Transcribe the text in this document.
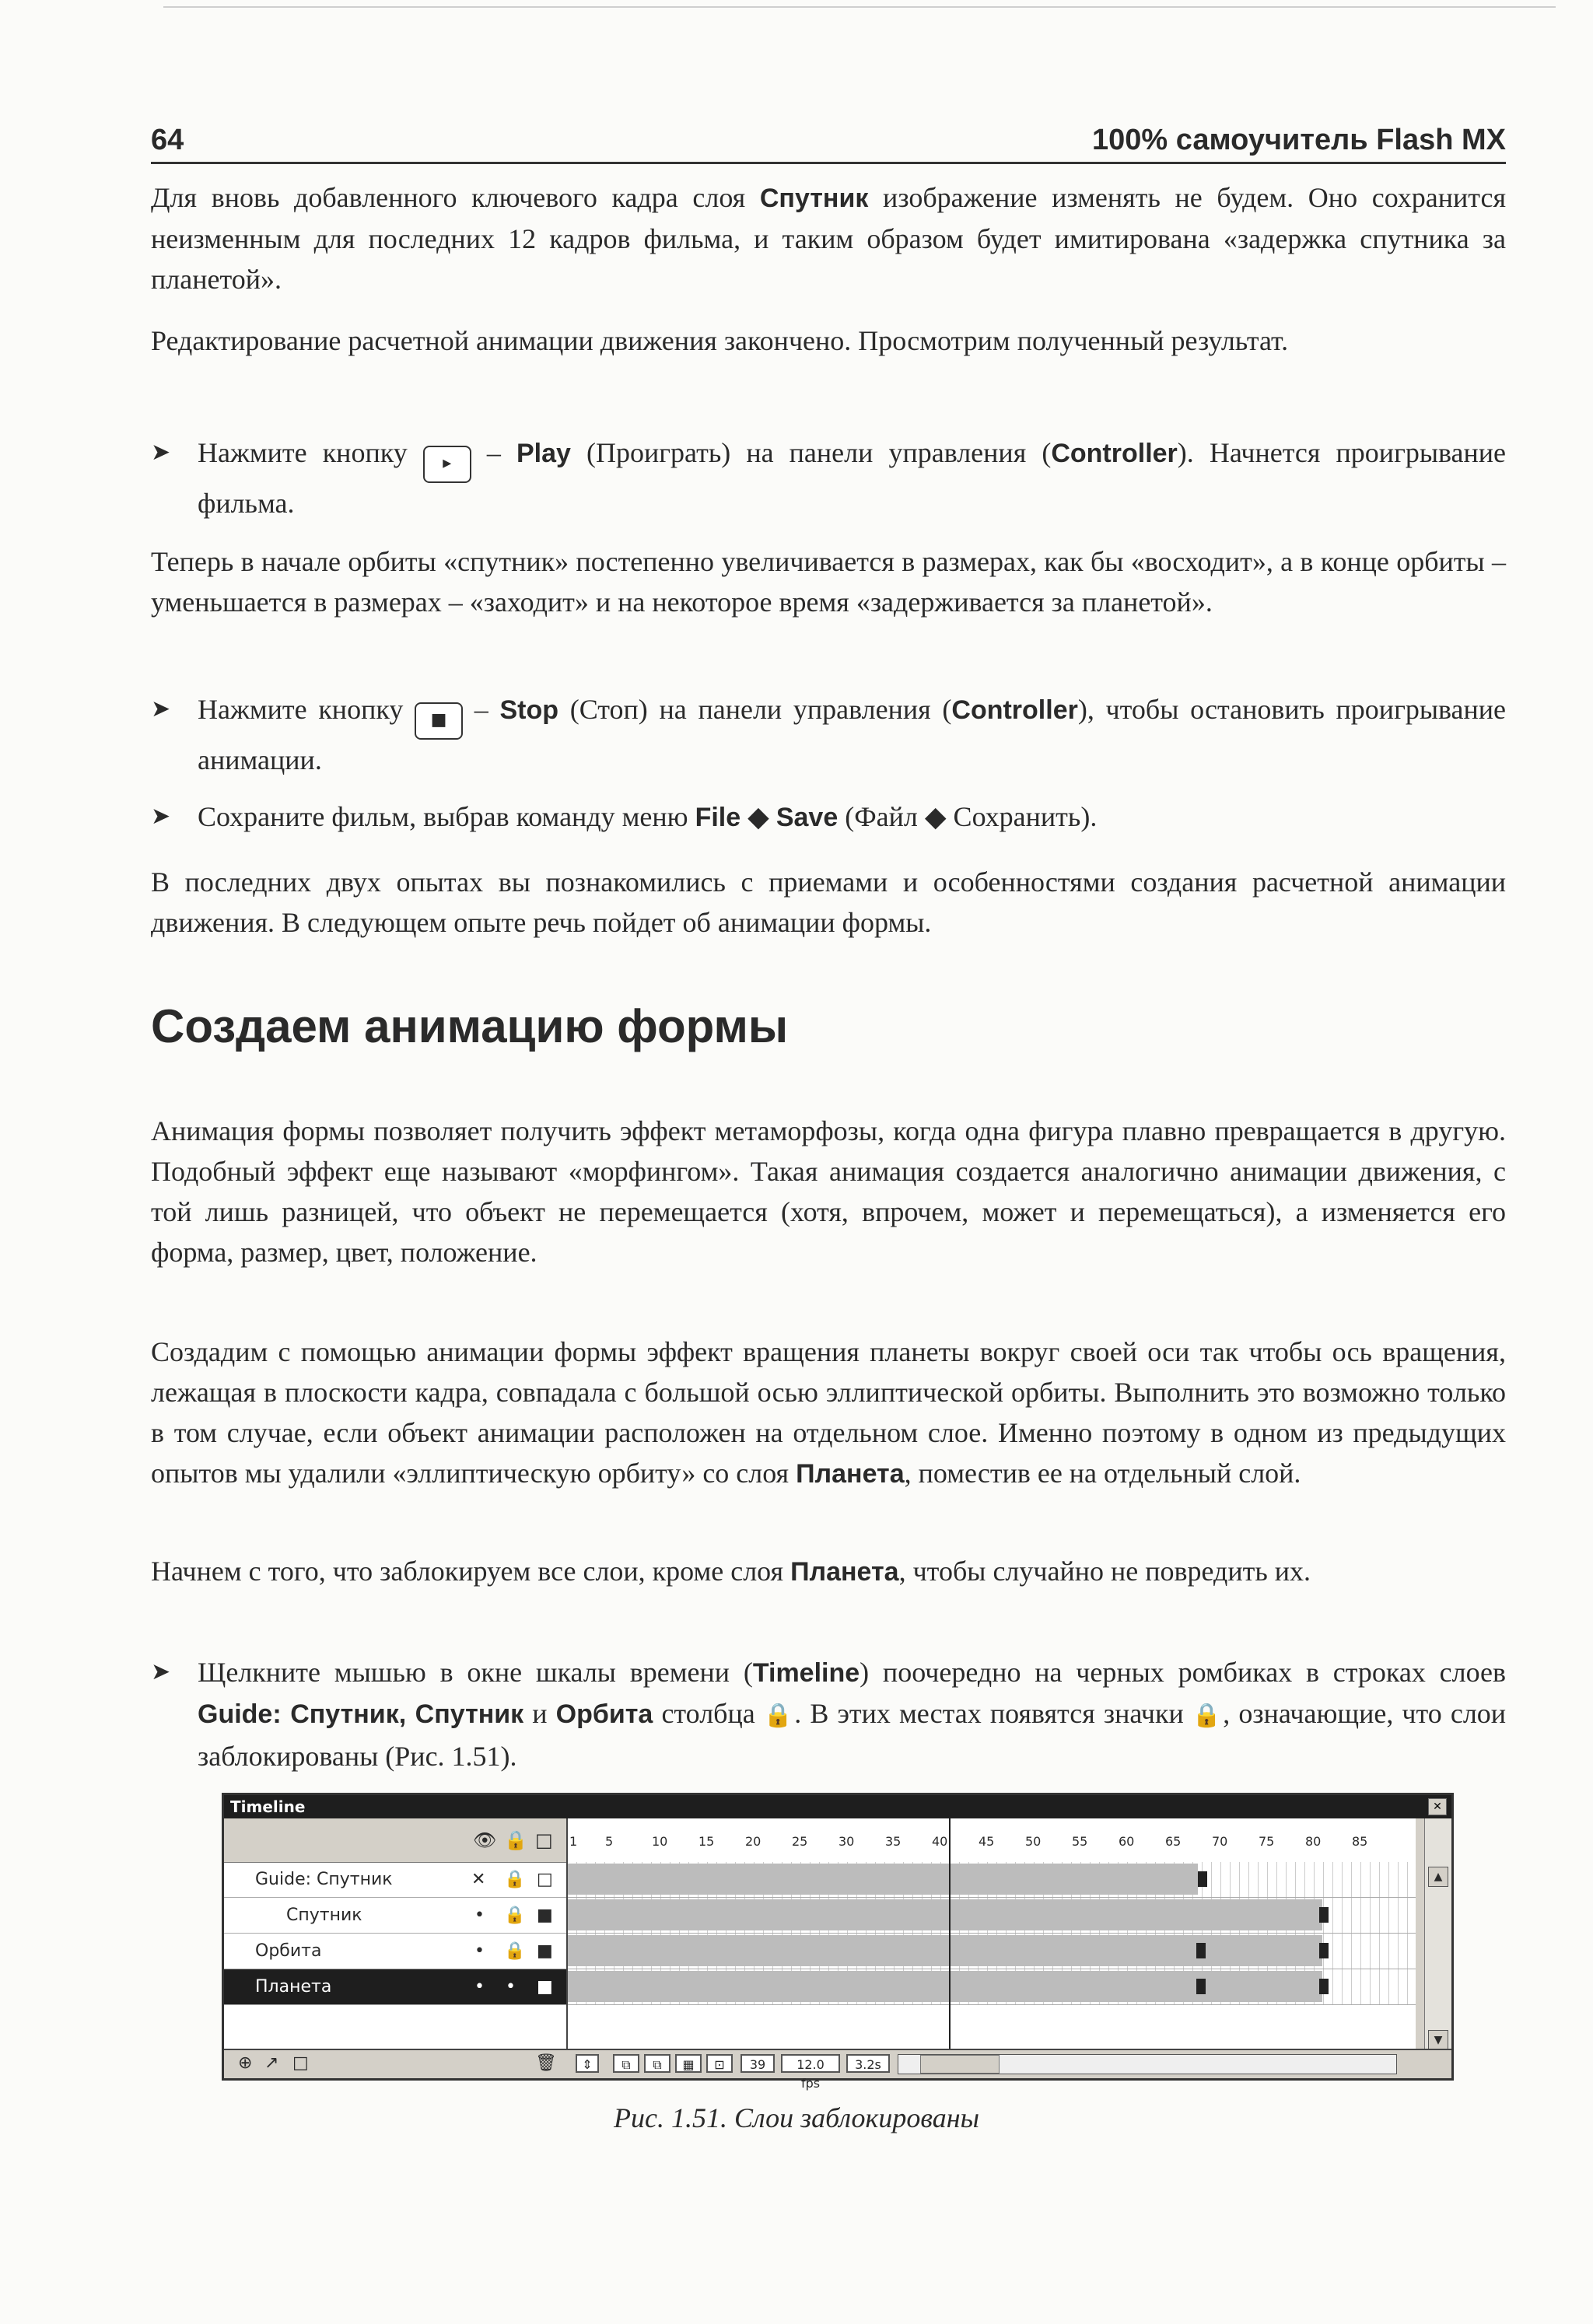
64	100% самоучитель Flash MX

Для вновь добавленного ключевого кадра слоя Спутник изображение изменять не будем. Оно сохранится неизменным для последних 12 кадров фильма, и таким образом будет имитирована «задержка спутника за планетой».

Редактирование расчетной анимации движения закончено. Просмотрим полученный результат.

➤ Нажмите кнопку ▸ – Play (Проиграть) на панели управления (Controller). Начнется проигрывание фильма.

Теперь в начале орбиты «спутник» постепенно увеличивается в размерах, как бы «восходит», а в конце орбиты – уменьшается в размерах – «заходит» и на некоторое время «задерживается за планетой».

➤ Нажмите кнопку ■ – Stop (Стоп) на панели управления (Controller), чтобы остановить проигрывание анимации.
➤ Сохраните фильм, выбрав команду меню File ◆ Save (Файл ◆ Сохранить).

В последних двух опытах вы познакомились с приемами и особенностями создания расчетной анимации движения. В следующем опыте речь пойдет об анимации формы.

Создаем анимацию формы

Анимация формы позволяет получить эффект метаморфозы, когда одна фигура плавно превращается в другую. Подобный эффект еще называют «морфингом». Такая анимация создается аналогично анимации движения, с той лишь разницей, что объект не перемещается (хотя, впрочем, может и перемещаться), а изменяется его форма, размер, цвет, положение.

Создадим с помощью анимации формы эффект вращения планеты вокруг своей оси так чтобы ось вращения, лежащая в плоскости кадра, совпадала с большой осью эллиптической орбиты. Выполнить это возможно только в том случае, если объект анимации расположен на отдельном слое. Именно поэтому в одном из предыдущих опытов мы удалили «эллиптическую орбиту» со слоя Планета, поместив ее на отдельный слой.

Начнем с того, что заблокируем все слои, кроме слоя Планета, чтобы случайно не повредить их.

➤ Щелкните мышью в окне шкалы времени (Timeline) поочередно на черных ромбиках в строках слоев Guide: Спутник, Спутник и Орбита столбца 🔒. В этих местах появятся значки 🔒, означающие, что слои заблокированы (Рис. 1.51).
Timeline	✕
👁 🔒 □
Guide: Спутник	✕ 🔒 □
Спутник	• 🔒 ■
Орбита	• 🔒 ■
Планета	• • ■
1 5	10 15 20 25 30 35 40 45 50 55 60 65 70 75 80 85
▲
▼
⊕ ↗ □	🗑	⇕	⧉	⧉	▦	⊡	39	12.0 fps
3.2s
Рис. 1.51. Слои заблокированы
